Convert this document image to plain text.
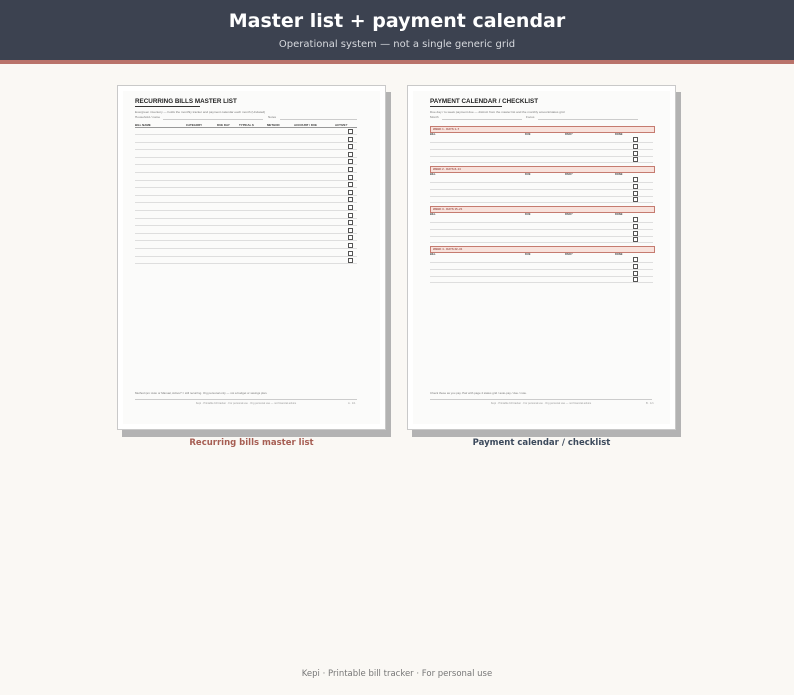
Master list + payment calendar
Operational system — not a single generic grid
RECURRING BILLS MASTER LIST
Evergreen inventory — holds the monthly tracker and payment calendar each month (Undated)
Household / name	Notes
BILL NAME	CATEGORY	DUE DAY	TYPICAL $	METHOD	ACCOUNT / DUE	ACTIVE?
Method (an: Auto or Manual, Active? = still recurring. Org personal only — not a budget or savings plan.
Kepi · Printable bill tracker · For personal use · Org personal use — not financial advice	A · 1/1
Recurring bills master list
PAYMENT CALENDAR / CHECKLIST
Due day / to-week payment due — distinct from the master list and the monthly amount/status grid
Month	Focus
WEEK 1 · DAYS 1–7
BILL	DUE	PAID?	DONE
WEEK 2 · DAYS 8–14
BILL	DUE	PAID?	DONE
WEEK 3 · DAYS 15–21
BILL	DUE	PAID?	DONE
WEEK 4 · DAYS 22–31
BILL	DUE	PAID?	DONE
Check these as you pay. Pair with page 4 status grid / auto-pay / due / note.
Kepi · Printable bill tracker · For personal use · Org personal use — not financial advice	B · 1/1
Payment calendar / checklist
Kepi · Printable bill tracker · For personal use
